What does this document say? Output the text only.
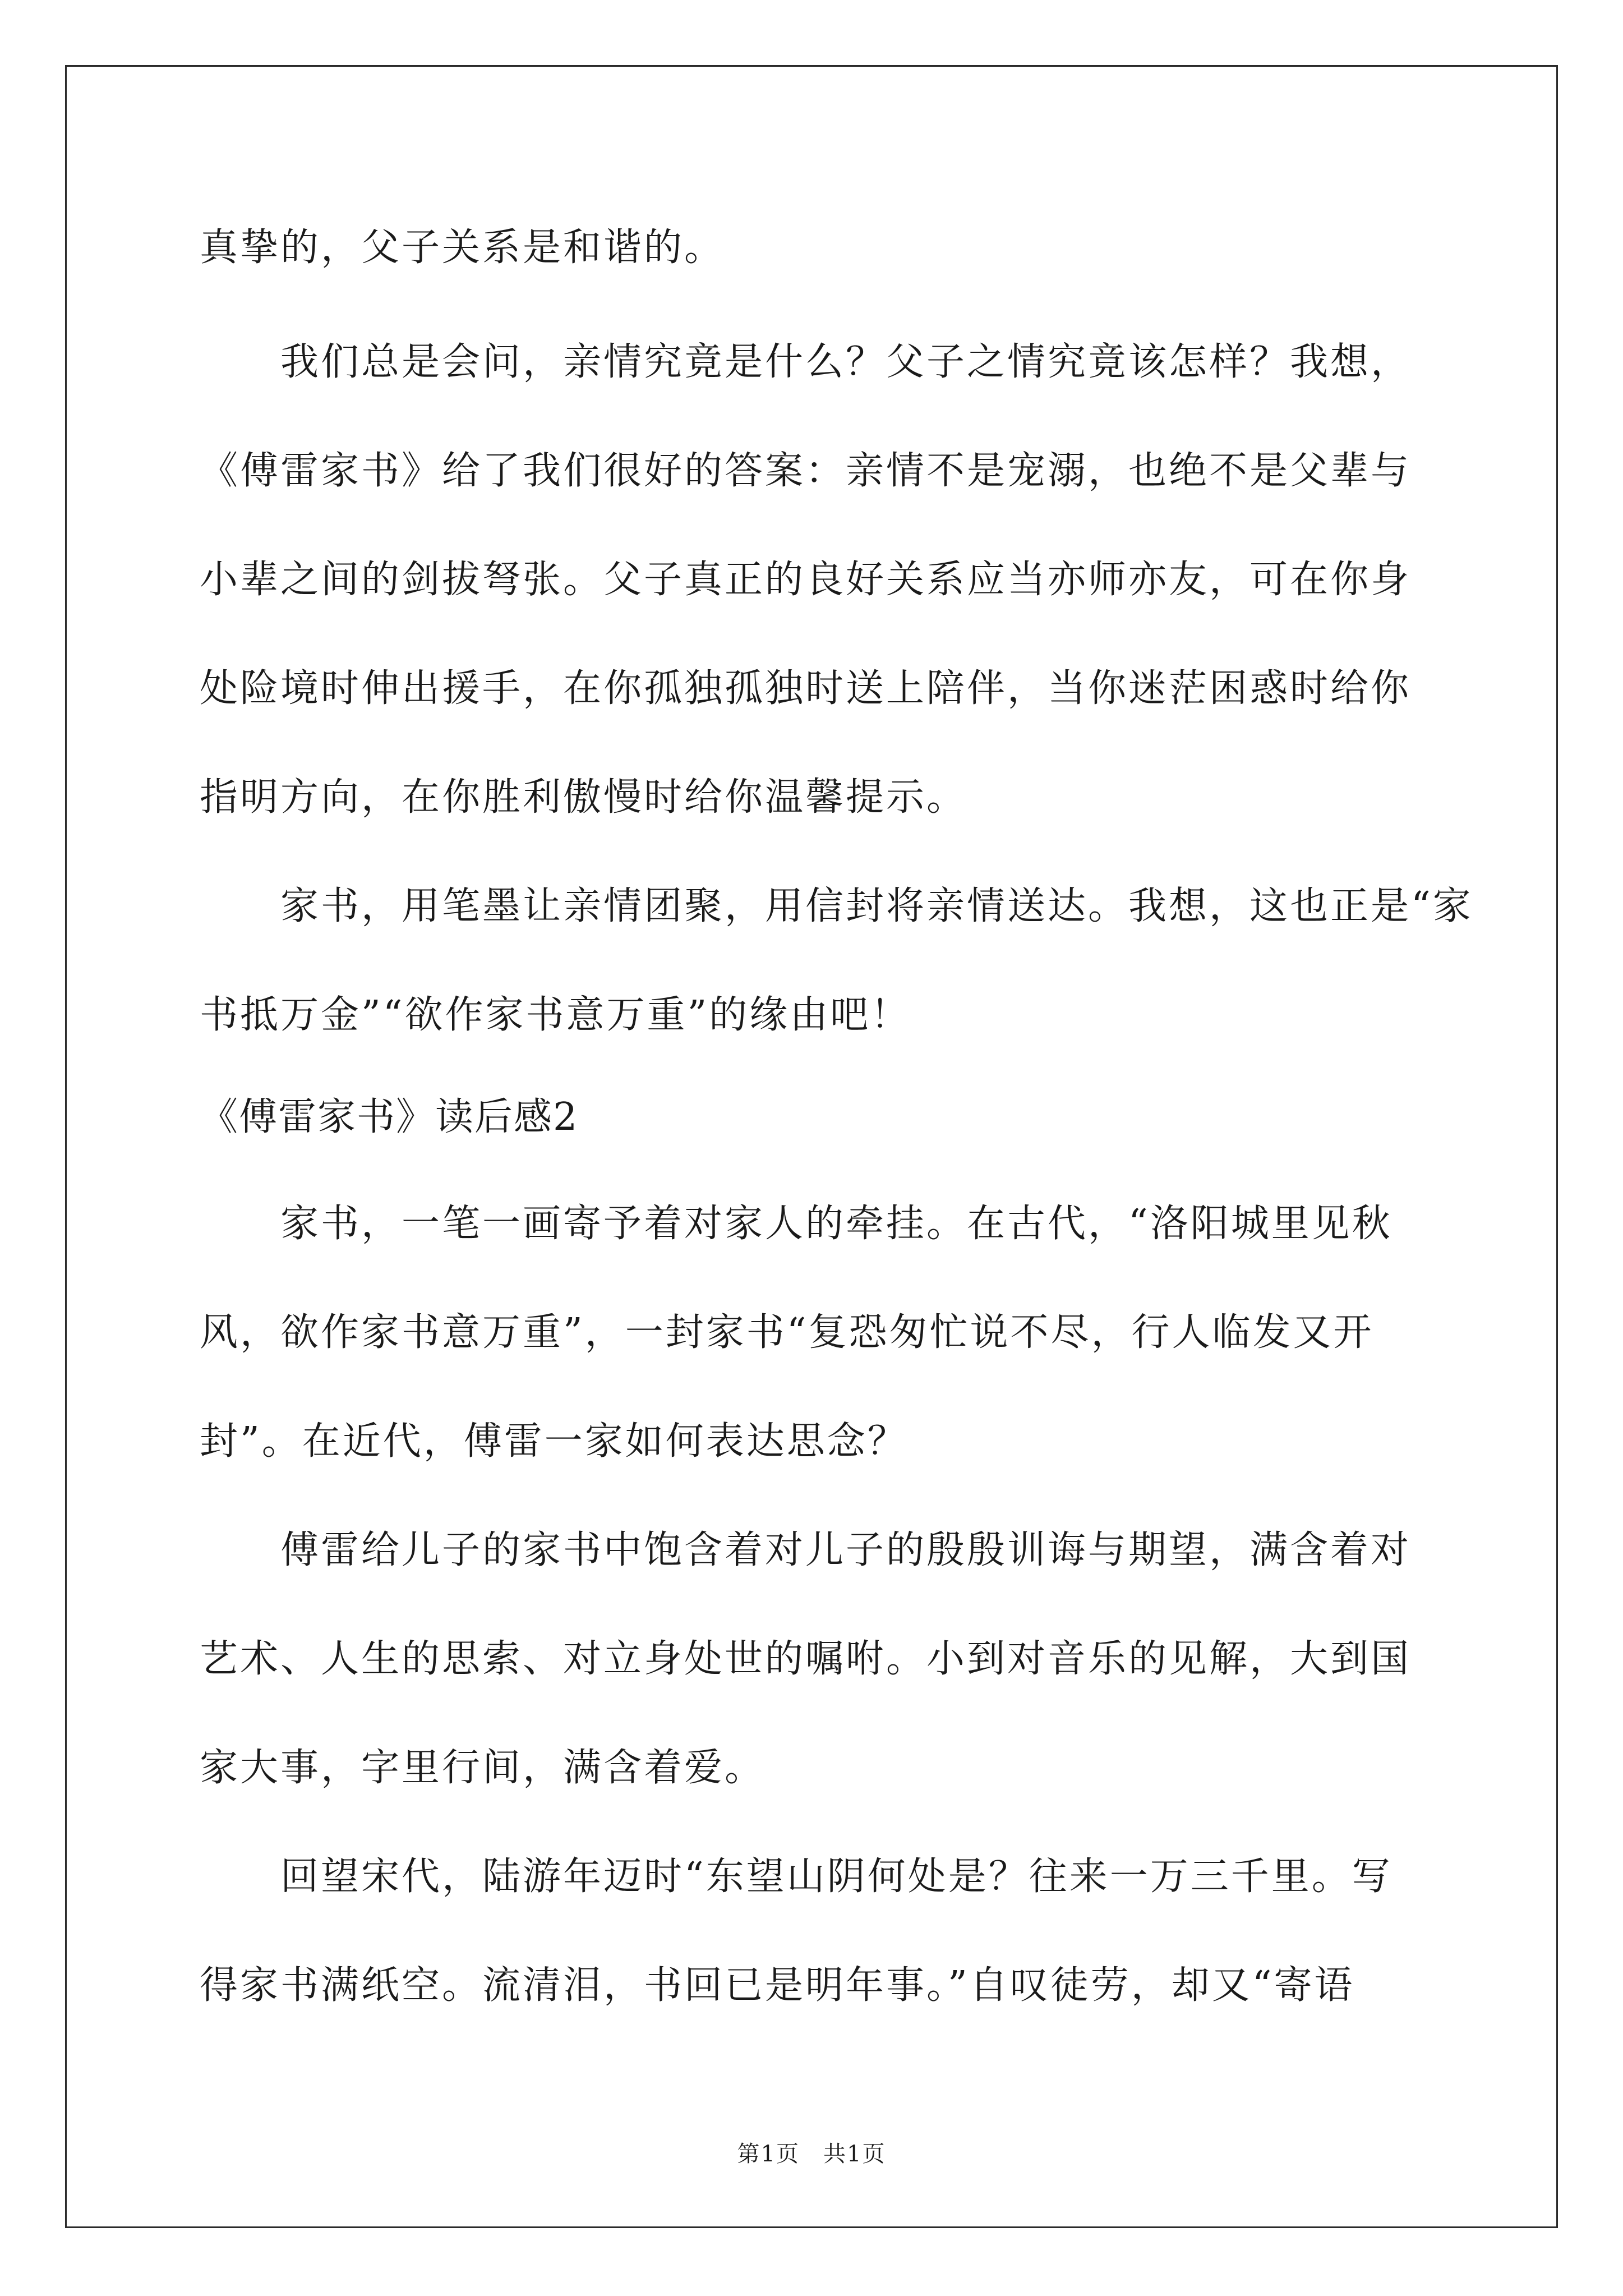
真挚的，父子关系是和谐的。
我们总是会问，亲情究竟是什么？父子之情究竟该怎样？我想，
《傅雷家书》给了我们很好的答案：亲情不是宠溺，也绝不是父辈与
小辈之间的剑拔弩张。父子真正的良好关系应当亦师亦友，可在你身
处险境时伸出援手，在你孤独孤独时送上陪伴，当你迷茫困惑时给你
指明方向，在你胜利傲慢时给你温馨提示。
家书，用笔墨让亲情团聚，用信封将亲情送达。我想，这也正是“家
书抵万金”“欲作家书意万重”的缘由吧！
《傅雷家书》读后感2
家书，一笔一画寄予着对家人的牵挂。在古代，“洛阳城里见秋
风，欲作家书意万重”，一封家书“复恐匆忙说不尽，行人临发又开
封”。在近代，傅雷一家如何表达思念？
傅雷给儿子的家书中饱含着对儿子的殷殷训诲与期望，满含着对
艺术、人生的思索、对立身处世的嘱咐。小到对音乐的见解，大到国
家大事，字里行间，满含着爱。
回望宋代，陆游年迈时“东望山阴何处是？往来一万三千里。写
得家书满纸空。流清泪，书回已是明年事。”自叹徒劳，却又“寄语
第1页　共1页
